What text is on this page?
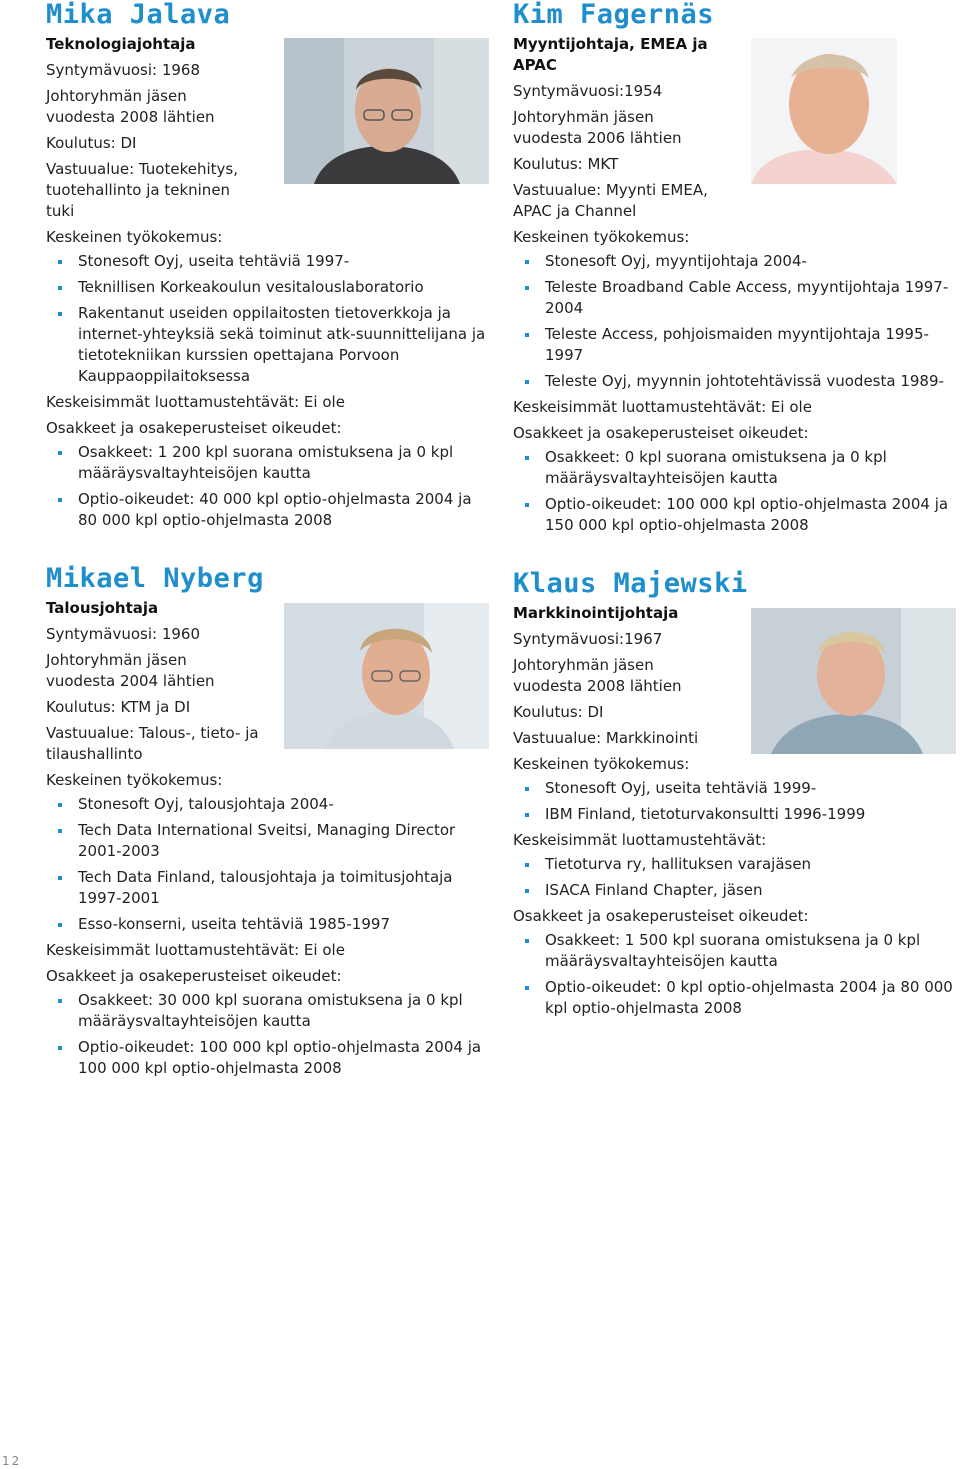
Mika Jalava
Teknologiajohtaja
Syntymävuosi: 1968
Johtoryhmän jäsen vuodesta 2008 lähtien
Koulutus: DI
Vastuualue: Tuotekehitys, tuotehallinto ja tekninen tuki
Keskeinen työkokemus:
Stonesoft Oyj, useita tehtäviä 1997-
Teknillisen Korkeakoulun vesitalouslaboratorio
Rakentanut useiden oppilaitosten tietoverkkoja ja internet-yhteyksiä sekä toiminut atk-suunnittelijana ja tietotekniikan kurssien opettajana Porvoon Kauppaoppilaitoksessa
Keskeisimmät luottamustehtävät: Ei ole
Osakkeet ja osakeperusteiset oikeudet:
Osakkeet: 1 200 kpl suorana omistuksena ja 0 kpl määräysvaltayhteisöjen kautta
Optio-oikeudet: 40 000 kpl optio-ohjelmasta 2004 ja 80 000 kpl optio-ohjelmasta 2008
Kim Fagernäs
Myyntijohtaja, EMEA ja APAC
Syntymävuosi:1954
Johtoryhmän jäsen vuodesta 2006 lähtien
Koulutus: MKT
Vastuualue: Myynti EMEA, APAC ja Channel
Keskeinen työkokemus:
Stonesoft Oyj, myyntijohtaja 2004-
Teleste Broadband Cable Access, myyntijohtaja 1997-2004
Teleste Access, pohjoismaiden myyntijohtaja 1995-1997
Teleste Oyj, myynnin johtotehtävissä vuodesta 1989-
Keskeisimmät luottamustehtävät: Ei ole
Osakkeet ja osakeperusteiset oikeudet:
Osakkeet: 0 kpl suorana omistuksena ja 0 kpl määräysvaltayhteisöjen kautta
Optio-oikeudet: 100 000 kpl optio-ohjelmasta 2004 ja 150 000 kpl optio-ohjelmasta 2008
Mikael Nyberg
Talousjohtaja
Syntymävuosi: 1960
Johtoryhmän jäsen vuodesta 2004 lähtien
Koulutus: KTM ja DI
Vastuualue: Talous-, tieto- ja tilaushallinto
Keskeinen työkokemus:
Stonesoft Oyj, talousjohtaja 2004-
Tech Data International Sveitsi, Managing Director 2001-2003
Tech Data Finland, talousjohtaja ja toimitusjohtaja 1997-2001
Esso-konserni, useita tehtäviä 1985-1997
Keskeisimmät luottamustehtävät: Ei ole
Osakkeet ja osakeperusteiset oikeudet:
Osakkeet: 30 000 kpl suorana omistuksena ja 0 kpl määräysvaltayhteisöjen kautta
Optio-oikeudet: 100 000 kpl optio-ohjelmasta 2004 ja 100 000 kpl optio-ohjelmasta 2008
Klaus Majewski
Markkinointijohtaja
Syntymävuosi:1967
Johtoryhmän jäsen vuodesta 2008 lähtien
Koulutus: DI
Vastuualue: Markkinointi
Keskeinen työkokemus:
Stonesoft Oyj, useita tehtäviä 1999-
IBM Finland, tietoturvakonsultti 1996-1999
Keskeisimmät luottamustehtävät:
Tietoturva ry, hallituksen varajäsen
ISACA Finland Chapter, jäsen
Osakkeet ja osakeperusteiset oikeudet:
Osakkeet: 1 500 kpl suorana omistuksena ja 0 kpl määräysvaltayhteisöjen kautta
Optio-oikeudet: 0 kpl optio-ohjelmasta 2004 ja 80 000 kpl optio-ohjelmasta 2008
12
